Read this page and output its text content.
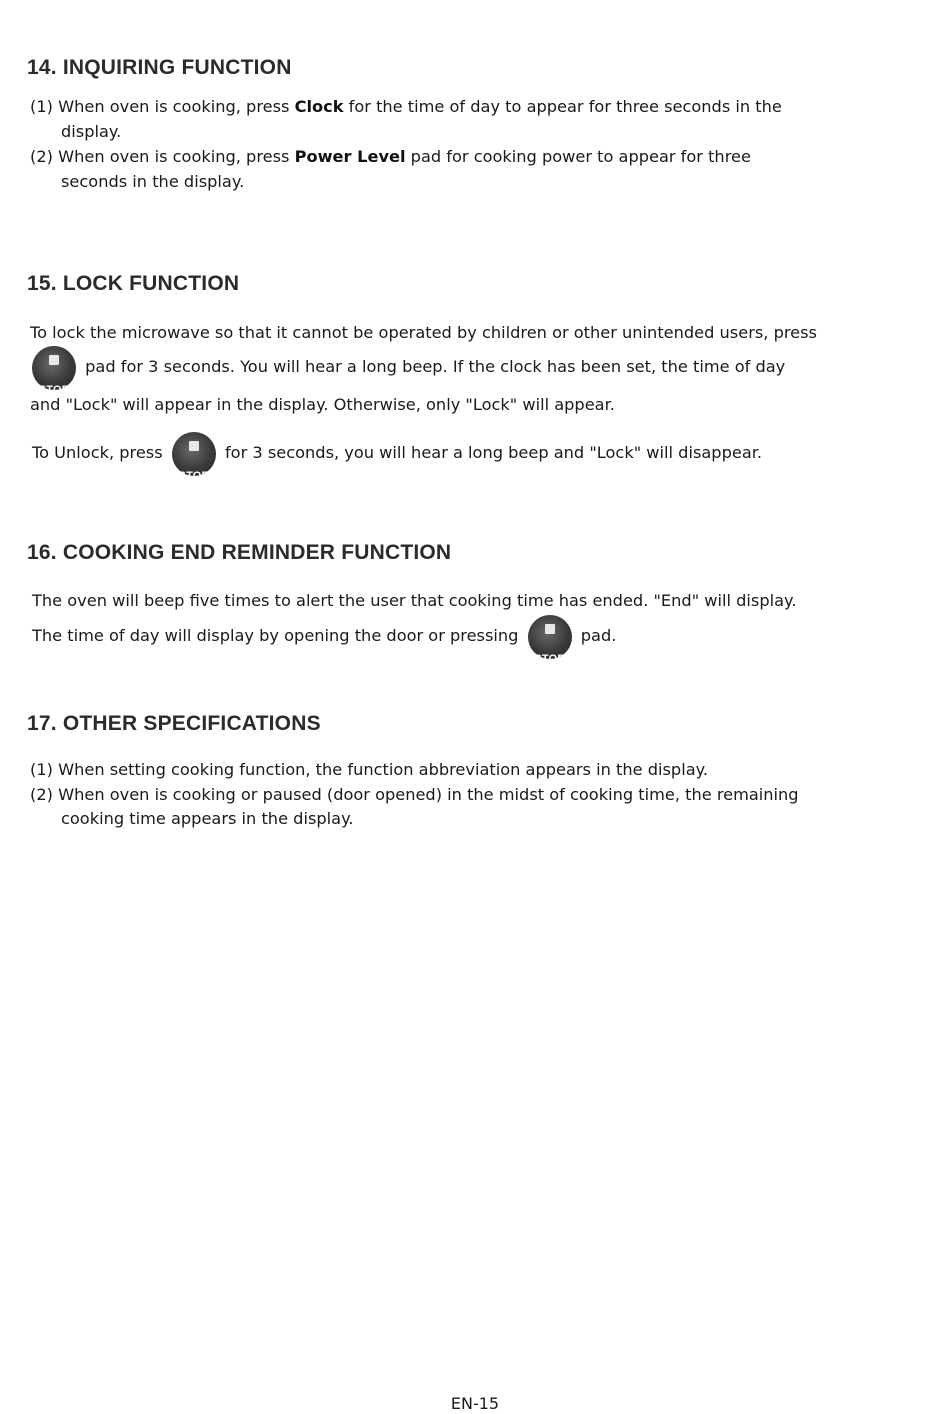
14. INQUIRING FUNCTION

(1) When oven is cooking, press Clock for the time of day to appear for three seconds in the

display.

(2) When oven is cooking, press Power Level pad for cooking power to appear for three

seconds in the display.

15. LOCK FUNCTION

To lock the microwave so that it cannot be operated by children or other unintended users, press

STOP
pad for 3 seconds. You will hear a long beep. If the clock has been set, the time of day

and "Lock" will appear in the display. Otherwise, only "Lock" will appear.

To Unlock, press
STOP
for 3 seconds, you will hear a long beep and "Lock" will disappear.
16. COOKING END REMINDER FUNCTION

The oven will beep five times to alert the user that cooking time has ended. "End" will display.

The time of day will display by opening the door or pressing
STOP
pad.
17. OTHER SPECIFICATIONS

(1) When setting cooking function, the function abbreviation appears in the display.

(2) When oven is cooking or paused (door opened) in the midst of cooking time, the remaining

cooking time appears in the display.

EN-15
